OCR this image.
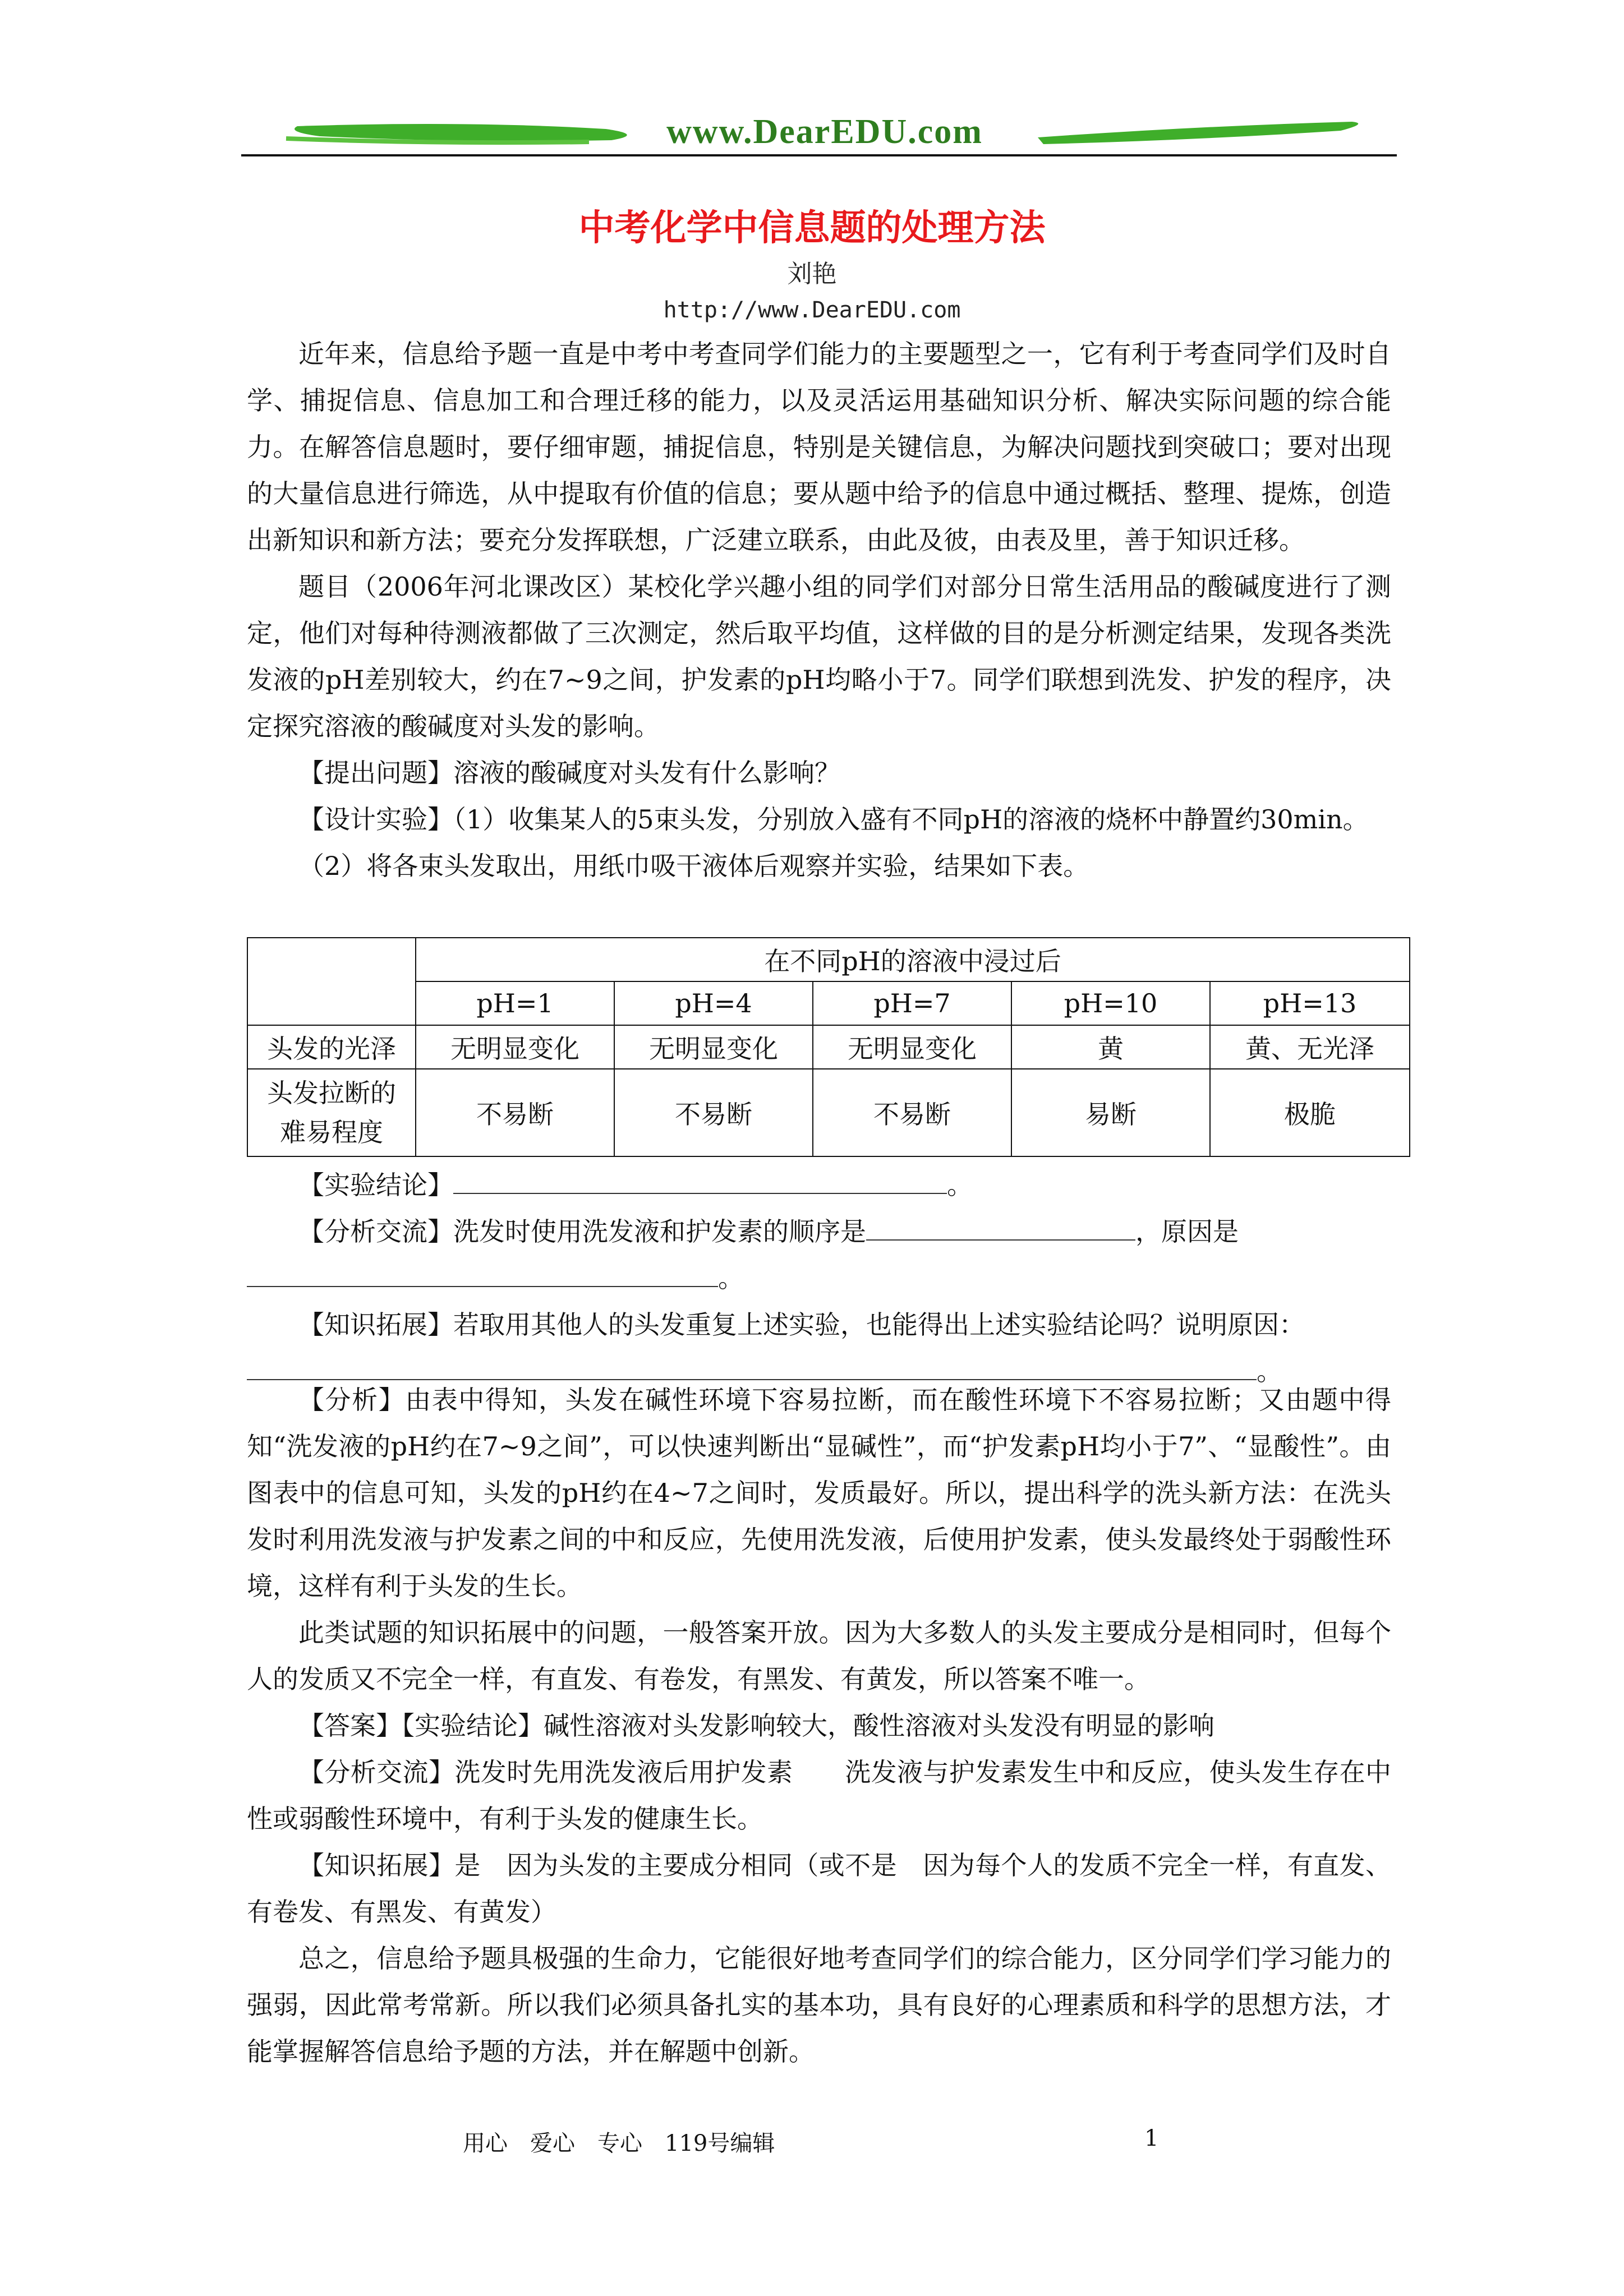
www.DearEDU.com
中考化学中信息题的处理方法
刘艳
http://www.DearEDU.com

近年来，信息给予题一直是中考中考查同学们能力的主要题型之一，它有利于考查同学们及时自学、捕捉信息、信息加工和合理迁移的能力，以及灵活运用基础知识分析、解决实际问题的综合能力。在解答信息题时，要仔细审题，捕捉信息，特别是关键信息，为解决问题找到突破口；要对出现的大量信息进行筛选，从中提取有价值的信息；要从题中给予的信息中通过概括、整理、提炼，创造出新知识和新方法；要充分发挥联想，广泛建立联系，由此及彼，由表及里，善于知识迁移。

题目（2006年河北课改区）某校化学兴趣小组的同学们对部分日常生活用品的酸碱度进行了测定，他们对每种待测液都做了三次测定，然后取平均值，这样做的目的是分析测定结果，发现各类洗发液的pH差别较大，约在7~9之间，护发素的pH均略小于7。同学们联想到洗发、护发的程序，决定探究溶液的酸碱度对头发的影响。

【提出问题】溶液的酸碱度对头发有什么影响？

【设计实验】（1）收集某人的5束头发，分别放入盛有不同pH的溶液的烧杯中静置约30min。

（2）将各束头发取出，用纸巾吸干液体后观察并实验，结果如下表。

	在不同pH的溶液中浸过后				
	pH=1	pH=4	pH=7	pH=10	pH=13
头发的光泽	无明显变化	无明显变化	无明显变化	黄	黄、无光泽
头发拉断的
难易程度	不易断	不易断	不易断	易断	极脆

【实验结论】	。

【分析交流】洗发时使用洗发液和护发素的顺序是	，原因是

。

【知识拓展】若取用其他人的头发重复上述实验，也能得出上述实验结论吗？说明原因：

。

【分析】由表中得知，头发在碱性环境下容易拉断，而在酸性环境下不容易拉断；又由题中得知“洗发液的pH约在7~9之间”，可以快速判断出“显碱性”，而“护发素pH均小于7”、“显酸性”。由图表中的信息可知，头发的pH约在4~7之间时，发质最好。所以，提出科学的洗头新方法：在洗头发时利用洗发液与护发素之间的中和反应，先使用洗发液，后使用护发素，使头发最终处于弱酸性环境，这样有利于头发的生长。

此类试题的知识拓展中的问题，一般答案开放。因为大多数人的头发主要成分是相同时，但每个人的发质又不完全一样，有直发、有卷发，有黑发、有黄发，所以答案不唯一。

【答案】【实验结论】碱性溶液对头发影响较大，酸性溶液对头发没有明显的影响

【分析交流】洗发时先用洗发液后用护发素　　洗发液与护发素发生中和反应，使头发生存在中性或弱酸性环境中，有利于头发的健康生长。

【知识拓展】是　因为头发的主要成分相同（或不是　因为每个人的发质不完全一样，有直发、有卷发、有黑发、有黄发）

总之，信息给予题具极强的生命力，它能很好地考查同学们的综合能力，区分同学们学习能力的强弱，因此常考常新。所以我们必须具备扎实的基本功，具有良好的心理素质和科学的思想方法，才能掌握解答信息给予题的方法，并在解题中创新。

用心　爱心　专心　119号编辑	1
